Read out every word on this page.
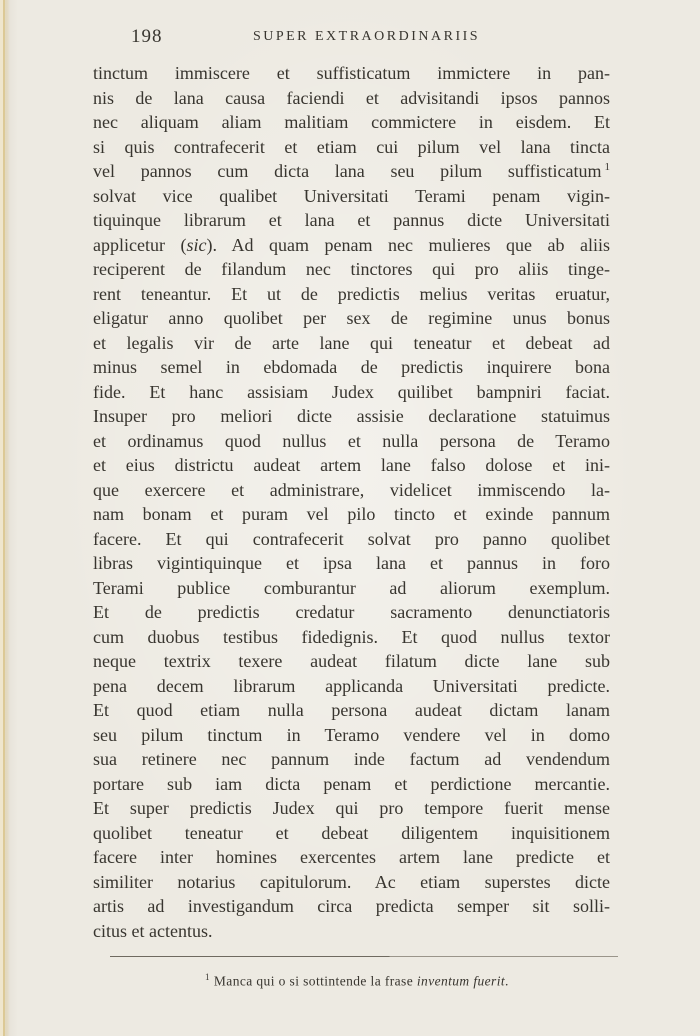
198	SUPER EXTRAORDINARIIS
tinctum immiscere et suffisticatum immictere in pan-
nis de lana causa faciendi et advisitandi ipsos pannos
nec aliquam aliam malitiam commictere in eisdem. Et
si quis contrafecerit et etiam cui pilum vel lana tincta
vel pannos cum dicta lana seu pilum suffisticatum $^1$
solvat vice qualibet Universitati Terami penam vigin-
tiquinque librarum et lana et pannus dicte Universitati
applicetur (sic). Ad quam penam nec mulieres que ab aliis
reciperent de filandum nec tinctores qui pro aliis tinge-
rent teneantur. Et ut de predictis melius veritas eruatur,
eligatur anno quolibet per sex de regimine unus bonus
et legalis vir de arte lane qui teneatur et debeat ad
minus semel in ebdomada de predictis inquirere bona
fide. Et hanc assisiam Judex quilibet bampniri faciat.
Insuper pro meliori dicte assisie declaratione statuimus
et ordinamus quod nullus et nulla persona de Teramo
et eius districtu audeat artem lane falso dolose et ini-
que exercere et administrare, videlicet immiscendo la-
nam bonam et puram vel pilo tincto et exinde pannum
facere. Et qui contrafecerit solvat pro panno quolibet
libras vigintiquinque et ipsa lana et pannus in foro
Terami publice comburantur ad aliorum exemplum.
Et de predictis credatur sacramento denunctiatoris
cum duobus testibus fidedignis. Et quod nullus textor
neque textrix texere audeat filatum dicte lane sub
pena decem librarum applicanda Universitati predicte.
Et quod etiam nulla persona audeat dictam lanam
seu pilum tinctum in Teramo vendere vel in domo
sua retinere nec pannum inde factum ad vendendum
portare sub iam dicta penam et perdictione mercantie.
Et super predictis Judex qui pro tempore fuerit mense
quolibet teneatur et debeat diligentem inquisitionem
facere inter homines exercentes artem lane predicte et
similiter notarius capitulorum. Ac etiam superstes dicte
artis ad investigandum circa predicta semper sit solli-
citus et actentus.
$^1$ Manca qui o si sottintende la frase inventum fuerit.
